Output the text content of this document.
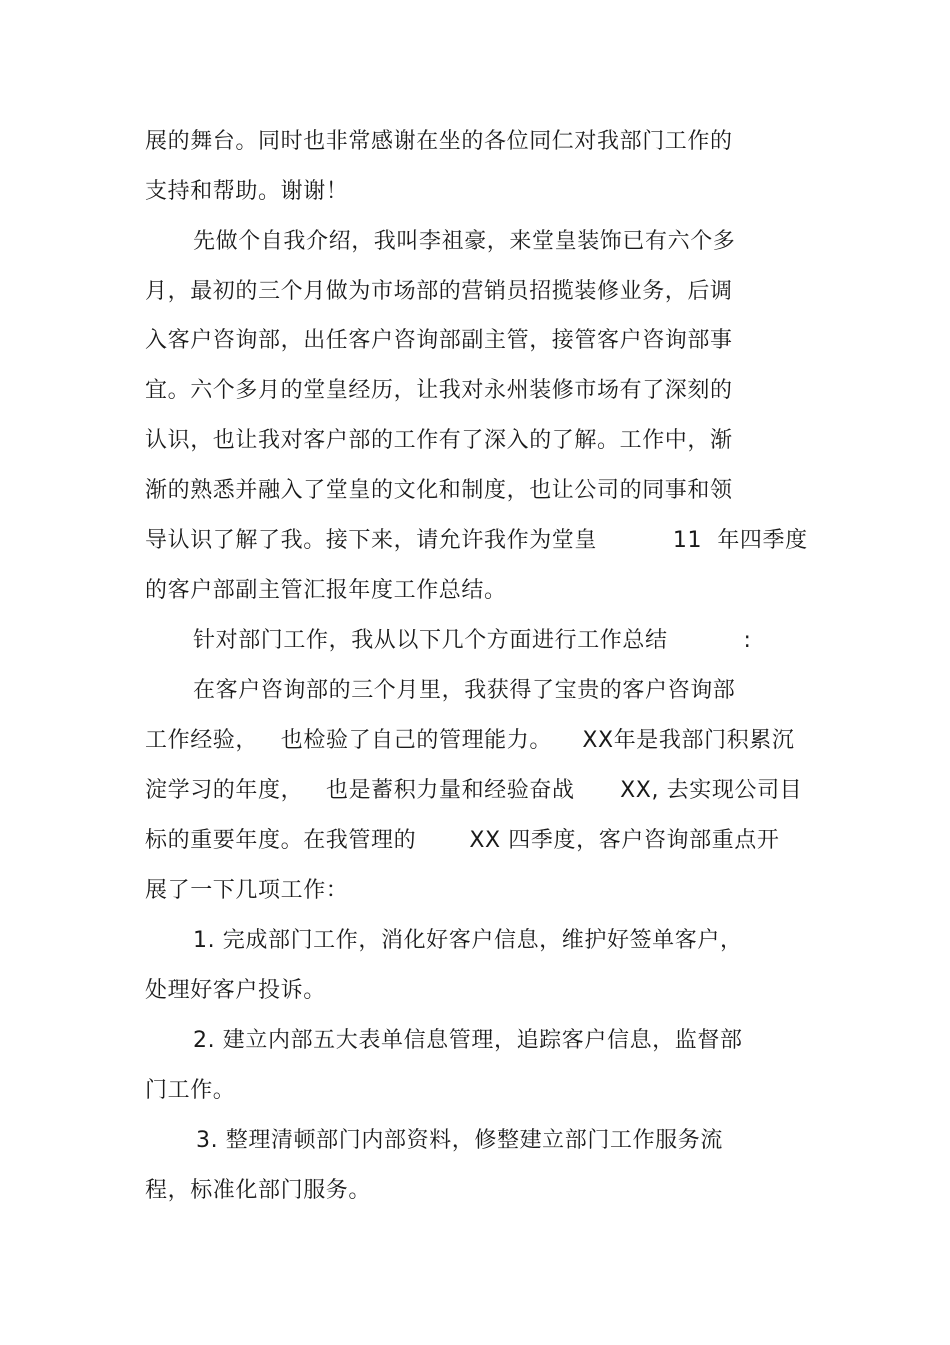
展的舞台。同时也非常感谢在坐的各位同仁对我部门工作的
支持和帮助。谢谢！
先做个自我介绍，我叫李祖豪，来堂皇装饰已有六个多
月，最初的三个月做为市场部的营销员招揽装修业务，后调
入客户咨询部，出任客户咨询部副主管，接管客户咨询部事
宜。六个多月的堂皇经历，让我对永州装修市场有了深刻的
认识，也让我对客户部的工作有了深入的了解。工作中，渐
渐的熟悉并融入了堂皇的文化和制度，也让公司的同事和领
导认识了解了我。接下来，请允许我作为堂皇          11  年四季度
的客户部副主管汇报年度工作总结。
针对部门工作，我从以下几个方面进行工作总结          :
在客户咨询部的三个月里，我获得了宝贵的客户咨询部
工作经验，   也检验了自己的管理能力。    XX年是我部门积累沉
淀学习的年度，   也是蓄积力量和经验奋战      XX, 去实现公司目
标的重要年度。在我管理的       XX 四季度，客户咨询部重点开
展了一下几项工作：
1. 完成部门工作，消化好客户信息，维护好签单客户，
处理好客户投诉。
2. 建立内部五大表单信息管理，追踪客户信息，监督部
门工作。
3. 整理清顿部门内部资料，修整建立部门工作服务流
程，标准化部门服务。
